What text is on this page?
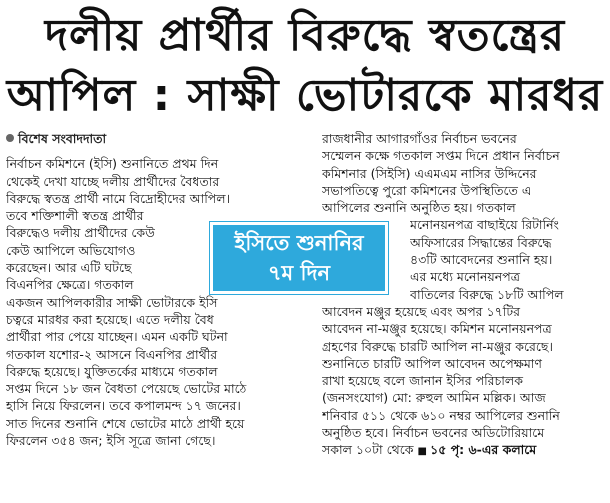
দলীয় প্রার্থীর বিরুদ্ধে স্বতন্ত্রের
আপিল : সাক্ষী ভোটারকে মারধর
বিশেষ সংবাদদাতা
নির্বাচন কমিশনে (ইসি) শুনানিতে প্রথম দিন
থেকেই দেখা যাচ্ছে দলীয় প্রার্থীদের বৈধতার
বিরুদ্ধে স্বতন্ত্র প্রার্থী নামে বিদ্রোহীদের আপিল।
তবে শক্তিশালী স্বতন্ত্র প্রার্থীর
বিরুদ্ধেও দলীয় প্রার্থীদের কেউ
কেউ আপিলে অভিযোগও
করেছেন। আর এটি ঘটছে
বিএনপির ক্ষেত্রে। গতকাল
একজন আপিলকারীর সাক্ষী ভোটারকে ইসি
চত্বরে মারধর করা হয়েছে। এতে দলীয় বৈধ
প্রার্থীরা পার পেয়ে যাচ্ছেন। এমন একটি ঘটনা
গতকাল যশোর-২ আসনে বিএনপির প্রার্থীর
বিরুদ্ধে হয়েছে। যুক্তিতর্কের মাধ্যমে গতকাল
সপ্তম দিনে ১৮ জন বৈধতা পেয়েছে ভোটের মাঠে
হাসি নিয়ে ফিরলেন। তবে কপালমন্দ ১৭ জনের।
সাত দিনের শুনানি শেষে ভোটের মাঠে প্রার্থী হয়ে
ফিরলেন ৩৫৪ জন; ইসি সূত্রে জানা গেছে।
ইসিতে শুনানির
৭ম দিন
রাজধানীর আগারগাঁওর নির্বাচন ভবনের
সম্মেলন কক্ষে গতকাল সপ্তম দিনে প্রধান নির্বাচন
কমিশনার (সিইসি) এএমএম নাসির উদ্দিনের
সভাপতিত্বে পুরো কমিশনের উপস্থিতিতে এ
আপিলের শুনানি অনুষ্ঠিত হয়। গতকাল
মনোনয়নপত্র বাছাইয়ে রিটার্নিং
অফিসারের সিদ্ধান্তের বিরুদ্ধে
৪৩টি আবেদনের শুনানি হয়।
এর মধ্যে মনোনয়নপত্র
বাতিলের বিরুদ্ধে ১৮টি আপিল
আবেদন মঞ্জুর হয়েছে এবং অপর ১৭টির
আবেদন না-মঞ্জুর হয়েছে। কমিশন মনোনয়নপত্র
গ্রহণের বিরুদ্ধে চারটি আপিল না-মঞ্জুর করেছে।
শুনানিতে চারটি আপিল আবেদন অপেক্ষমাণ
রাখা হয়েছে বলে জানান ইসির পরিচালক
(জনসংযোগ) মো: রুহুল আমিন মল্লিক। আজ
শনিবার ৫১১ থেকে ৬১০ নম্বর আপিলের শুনানি
অনুষ্ঠিত হবে। নির্বাচন ভবনের অডিটোরিয়ামে
সকাল ১০টা থেকে ■ ১৫ পৃ: ৬-এর কলামে
